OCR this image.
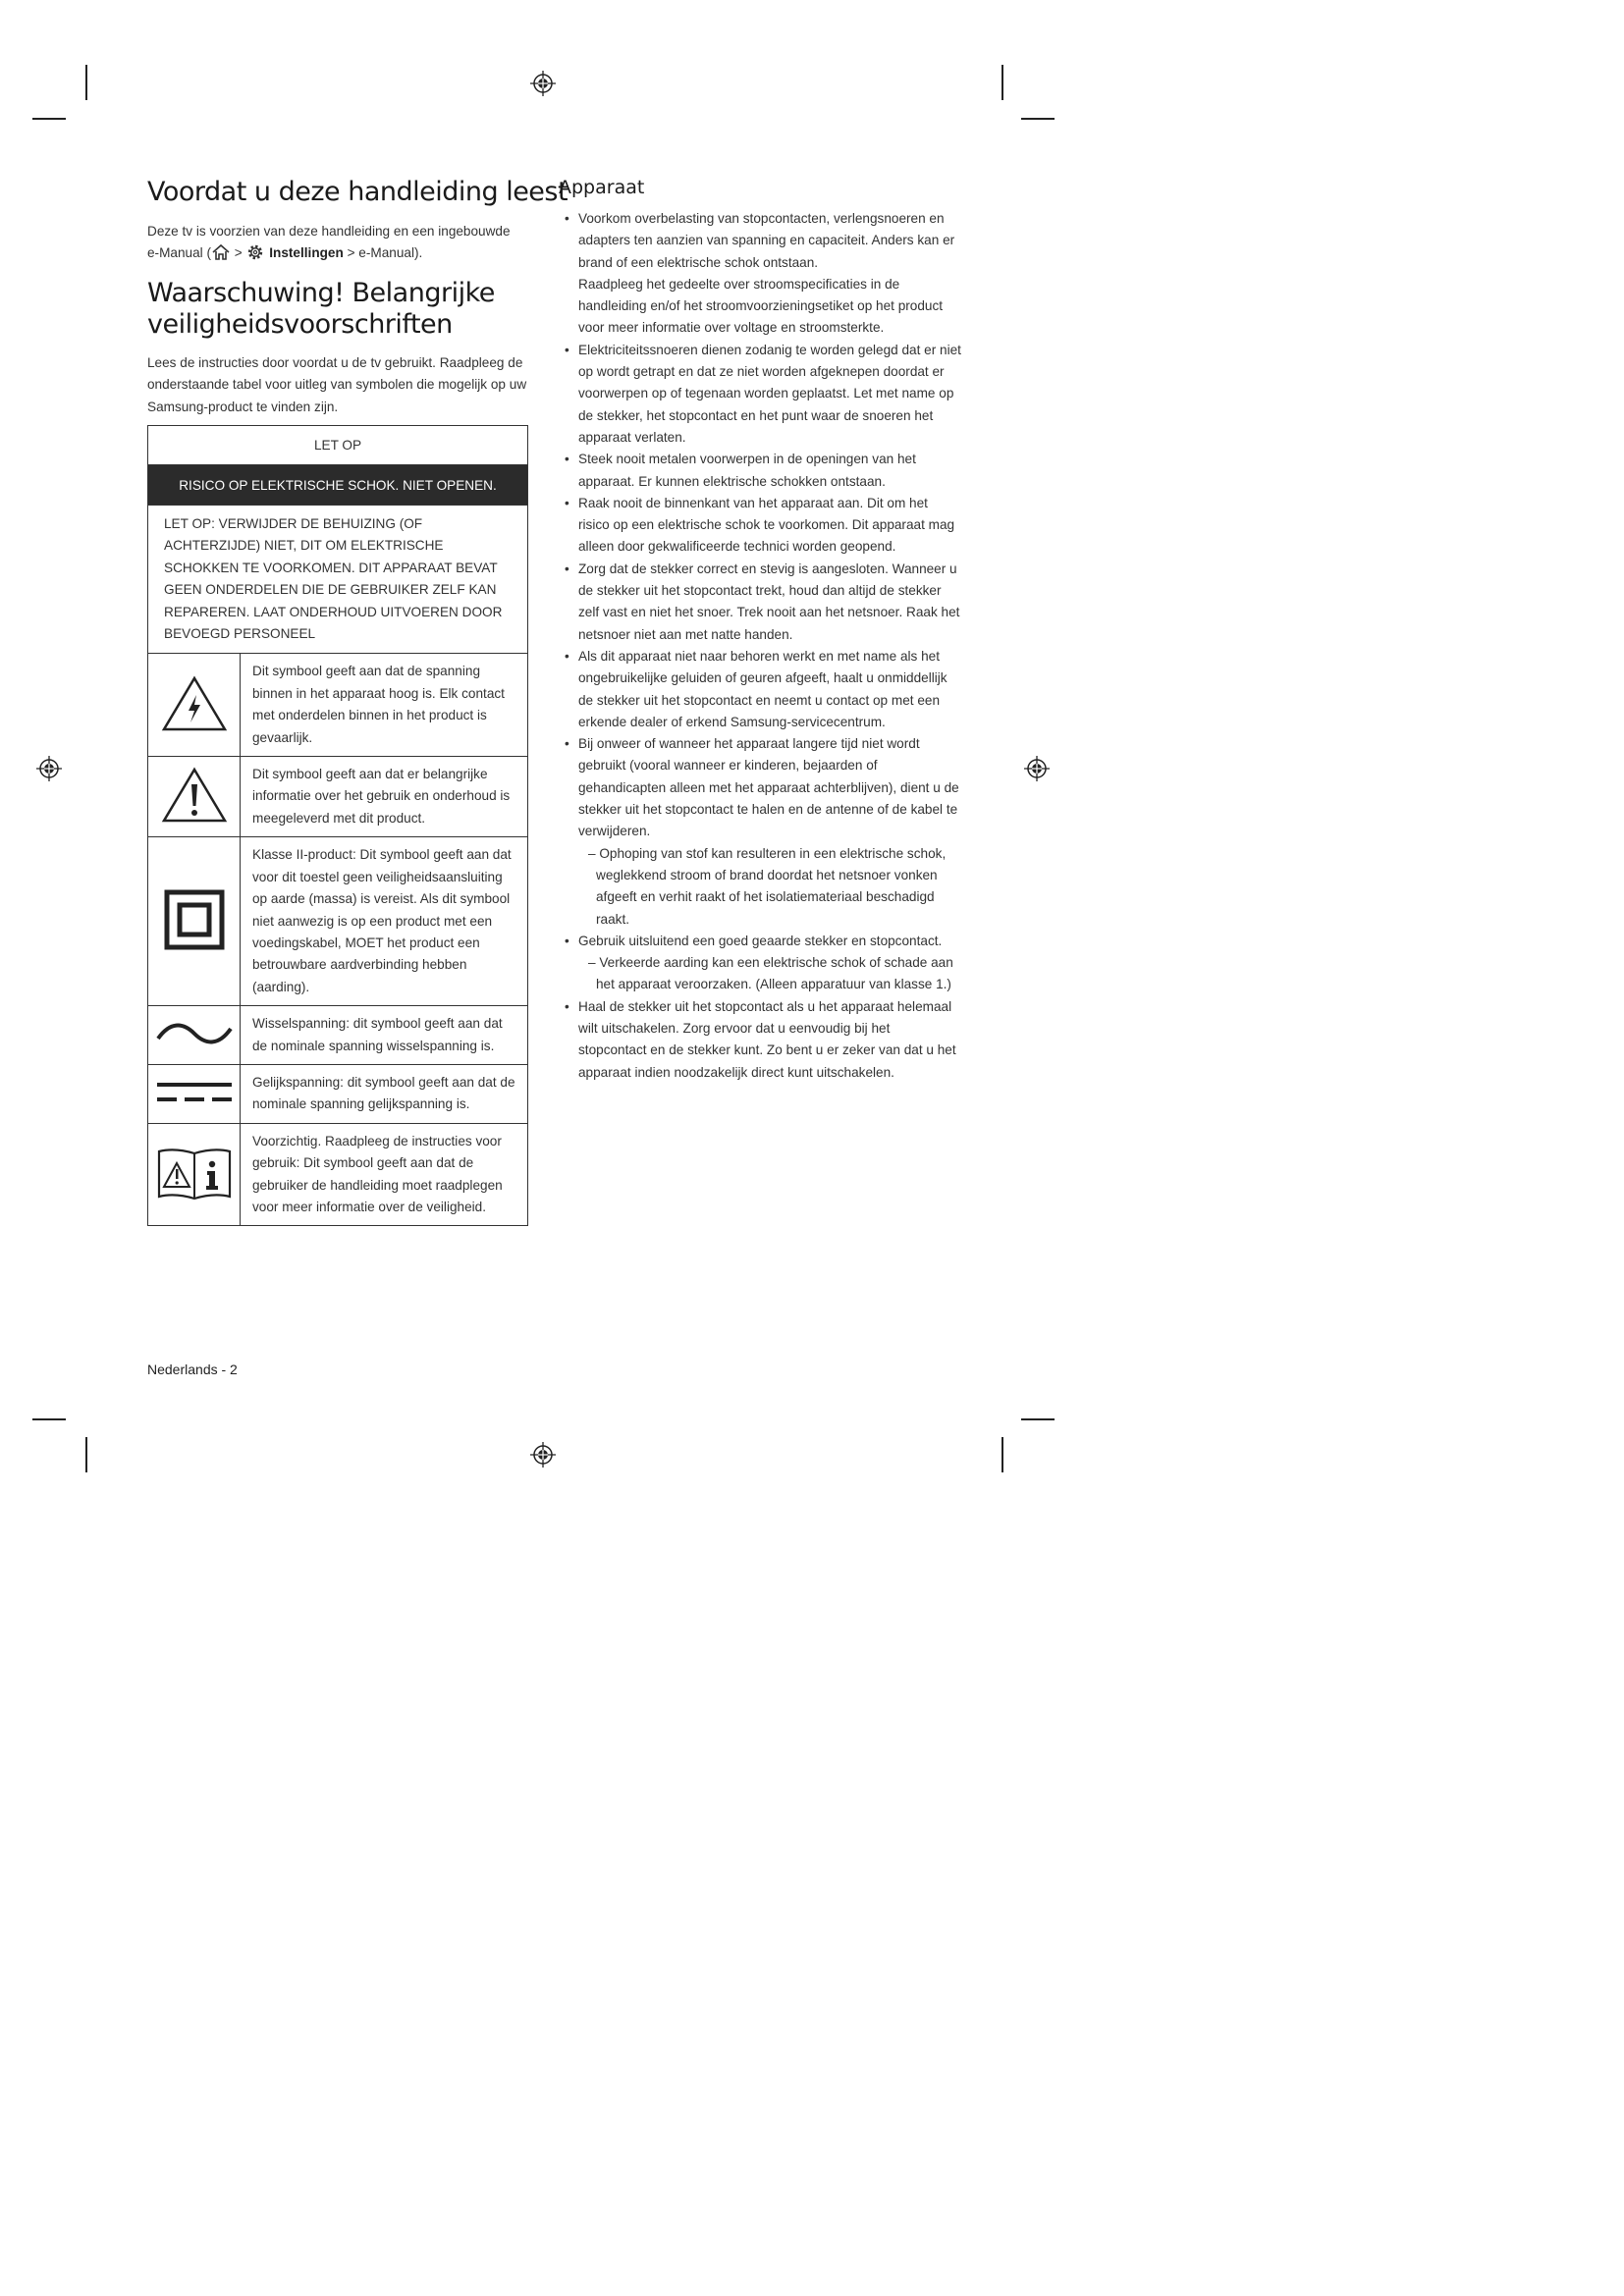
Voordat u deze handleiding leest
Deze tv is voorzien van deze handleiding en een ingebouwde
e-Manual ( >  Instellingen > e-Manual).
Waarschuwing! Belangrijke
veiligheidsvoorschriften
Lees de instructies door voordat u de tv gebruikt. Raadpleeg de onderstaande tabel voor uitleg van symbolen die mogelijk op uw Samsung-product te vinden zijn.
LET OP	
RISICO OP ELEKTRISCHE SCHOK. NIET OPENEN.	
LET OP: VERWIJDER DE BEHUIZING (OF ACHTERZIJDE) NIET, DIT OM ELEKTRISCHE SCHOKKEN TE VOORKOMEN. DIT APPARAAT BEVAT GEEN ONDERDELEN DIE DE GEBRUIKER ZELF KAN REPAREREN. LAAT ONDERHOUD UITVOEREN DOOR BEVOEGD PERSONEEL	
	Dit symbool geeft aan dat de spanning binnen in het apparaat hoog is. Elk contact met onderdelen binnen in het product is gevaarlijk.
	Dit symbool geeft aan dat er belangrijke informatie over het gebruik en onderhoud is meegeleverd met dit product.
	Klasse II-product: Dit symbool geeft aan dat voor dit toestel geen veiligheidsaansluiting op aarde (massa) is vereist. Als dit symbool niet aanwezig is op een product met een voedingskabel, MOET het product een betrouwbare aardverbinding hebben (aarding).
	Wisselspanning: dit symbool geeft aan dat de nominale spanning wisselspanning is.
	Gelijkspanning: dit symbool geeft aan dat de nominale spanning gelijkspanning is.
	Voorzichtig. Raadpleeg de instructies voor gebruik: Dit symbool geeft aan dat de gebruiker de handleiding moet raadplegen voor meer informatie over de veiligheid.
Apparaat
• Voorkom overbelasting van stopcontacten, verlengsnoeren en adapters ten aanzien van spanning en capaciteit. Anders kan er brand of een elektrische schok ontstaan.
Raadpleeg het gedeelte over stroomspecificaties in de handleiding en/of het stroomvoorzieningsetiket op het product voor meer informatie over voltage en stroomsterkte.
• Elektriciteitssnoeren dienen zodanig te worden gelegd dat er niet op wordt getrapt en dat ze niet worden afgeknepen doordat er voorwerpen op of tegenaan worden geplaatst. Let met name op de stekker, het stopcontact en het punt waar de snoeren het apparaat verlaten.
• Steek nooit metalen voorwerpen in de openingen van het apparaat. Er kunnen elektrische schokken ontstaan.
• Raak nooit de binnenkant van het apparaat aan. Dit om het risico op een elektrische schok te voorkomen. Dit apparaat mag alleen door gekwalificeerde technici worden geopend.
• Zorg dat de stekker correct en stevig is aangesloten. Wanneer u de stekker uit het stopcontact trekt, houd dan altijd de stekker zelf vast en niet het snoer. Trek nooit aan het netsnoer. Raak het netsnoer niet aan met natte handen.
• Als dit apparaat niet naar behoren werkt en met name als het ongebruikelijke geluiden of geuren afgeeft, haalt u onmiddellijk de stekker uit het stopcontact en neemt u contact op met een erkende dealer of erkend Samsung-servicecentrum.
• Bij onweer of wanneer het apparaat langere tijd niet wordt gebruikt (vooral wanneer er kinderen, bejaarden of gehandicapten alleen met het apparaat achterblijven), dient u de stekker uit het stopcontact te halen en de antenne of de kabel te verwijderen.
– Ophoping van stof kan resulteren in een elektrische schok, weglekkend stroom of brand doordat het netsnoer vonken afgeeft en verhit raakt of het isolatiemateriaal beschadigd raakt.
• Gebruik uitsluitend een goed geaarde stekker en stopcontact.
– Verkeerde aarding kan een elektrische schok of schade aan het apparaat veroorzaken. (Alleen apparatuur van klasse 1.)
• Haal de stekker uit het stopcontact als u het apparaat helemaal wilt uitschakelen. Zorg ervoor dat u eenvoudig bij het stopcontact en de stekker kunt. Zo bent u er zeker van dat u het apparaat indien noodzakelijk direct kunt uitschakelen.
Nederlands - 2
